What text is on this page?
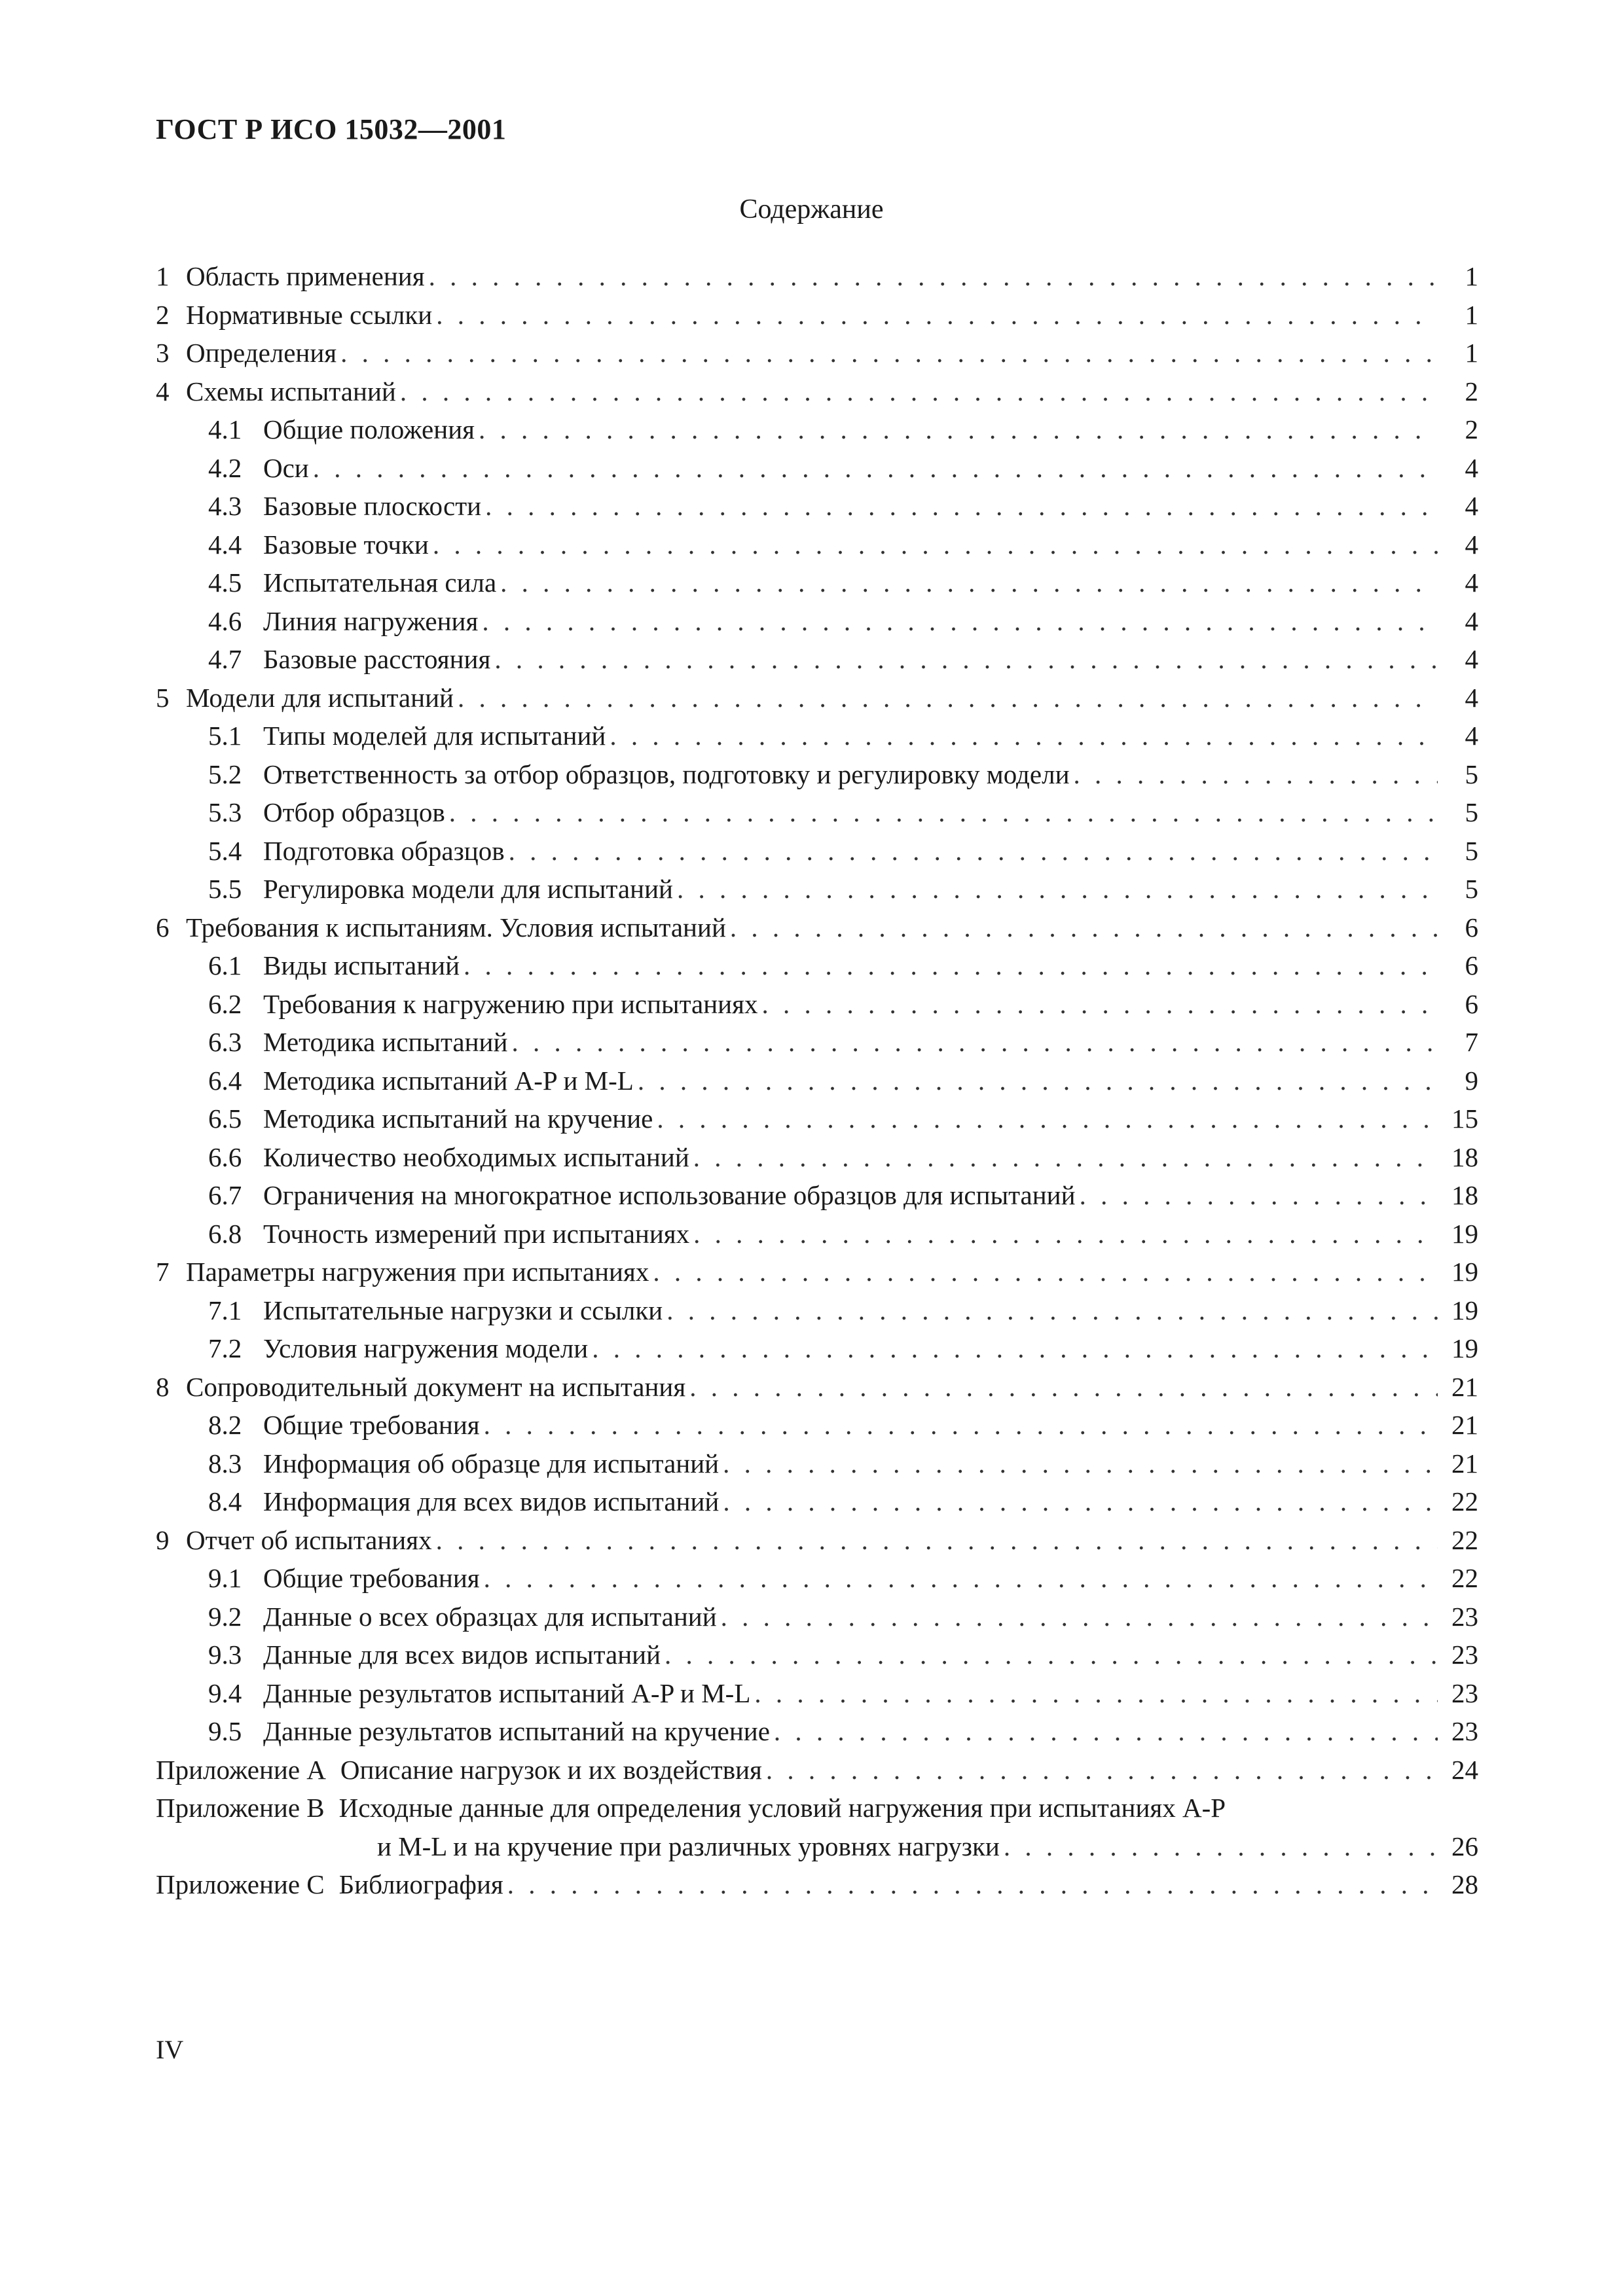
ГОСТ Р ИСО 15032—2001
Содержание
1 Область применения . . .	1
2 Нормативные ссылки . . .	1
3 Определения . . .	1
4 Схемы испытаний . . .	2
4.1 Общие положения . . .	2
4.2 Оси . . .	4
4.3 Базовые плоскости . . .	4
4.4 Базовые точки . . .	4
4.5 Испытательная сила . . .	4
4.6 Линия нагружения . . .	4
4.7 Базовые расстояния . . .	4
5 Модели для испытаний . . .	4
5.1 Типы моделей для испытаний . . .	4
5.2 Ответственность за отбор образцов, подготовку и регулировку модели . . .	5
5.3 Отбор образцов . . .	5
5.4 Подготовка образцов . . .	5
5.5 Регулировка модели для испытаний . . .	5
6 Требования к испытаниям. Условия испытаний . . .	6
6.1 Виды испытаний . . .	6
6.2 Требования к нагружению при испытаниях . . .	6
6.3 Методика испытаний . . .	7
6.4 Методика испытаний A-P и M-L . . .	9
6.5 Методика испытаний на кручение . . .	15
6.6 Количество необходимых испытаний . . .	18
6.7 Ограничения на многократное использование образцов для испытаний . . .	18
6.8 Точность измерений при испытаниях . . .	19
7 Параметры нагружения при испытаниях . . .	19
7.1 Испытательные нагрузки и ссылки . . .	19
7.2 Условия нагружения модели . . .	19
8 Сопроводительный документ на испытания . . .	21
8.2 Общие требования . . .	21
8.3 Информация об образце для испытаний . . .	21
8.4 Информация для всех видов испытаний . . .	22
9 Отчет об испытаниях . . .	22
9.1 Общие требования . . .	22
9.2 Данные о всех образцах для испытаний . . .	23
9.3 Данные для всех видов испытаний . . .	23
9.4 Данные результатов испытаний A-P и M-L . . .	23
9.5 Данные результатов испытаний на кручение . . .	23
Приложение A Описание нагрузок и их воздействия . . .	24
Приложение B Исходные данные для определения условий нагружения при испытаниях A-P
и M-L и на кручение при различных уровнях нагрузки . . .	26
Приложение C Библиография . . .	28
IV
